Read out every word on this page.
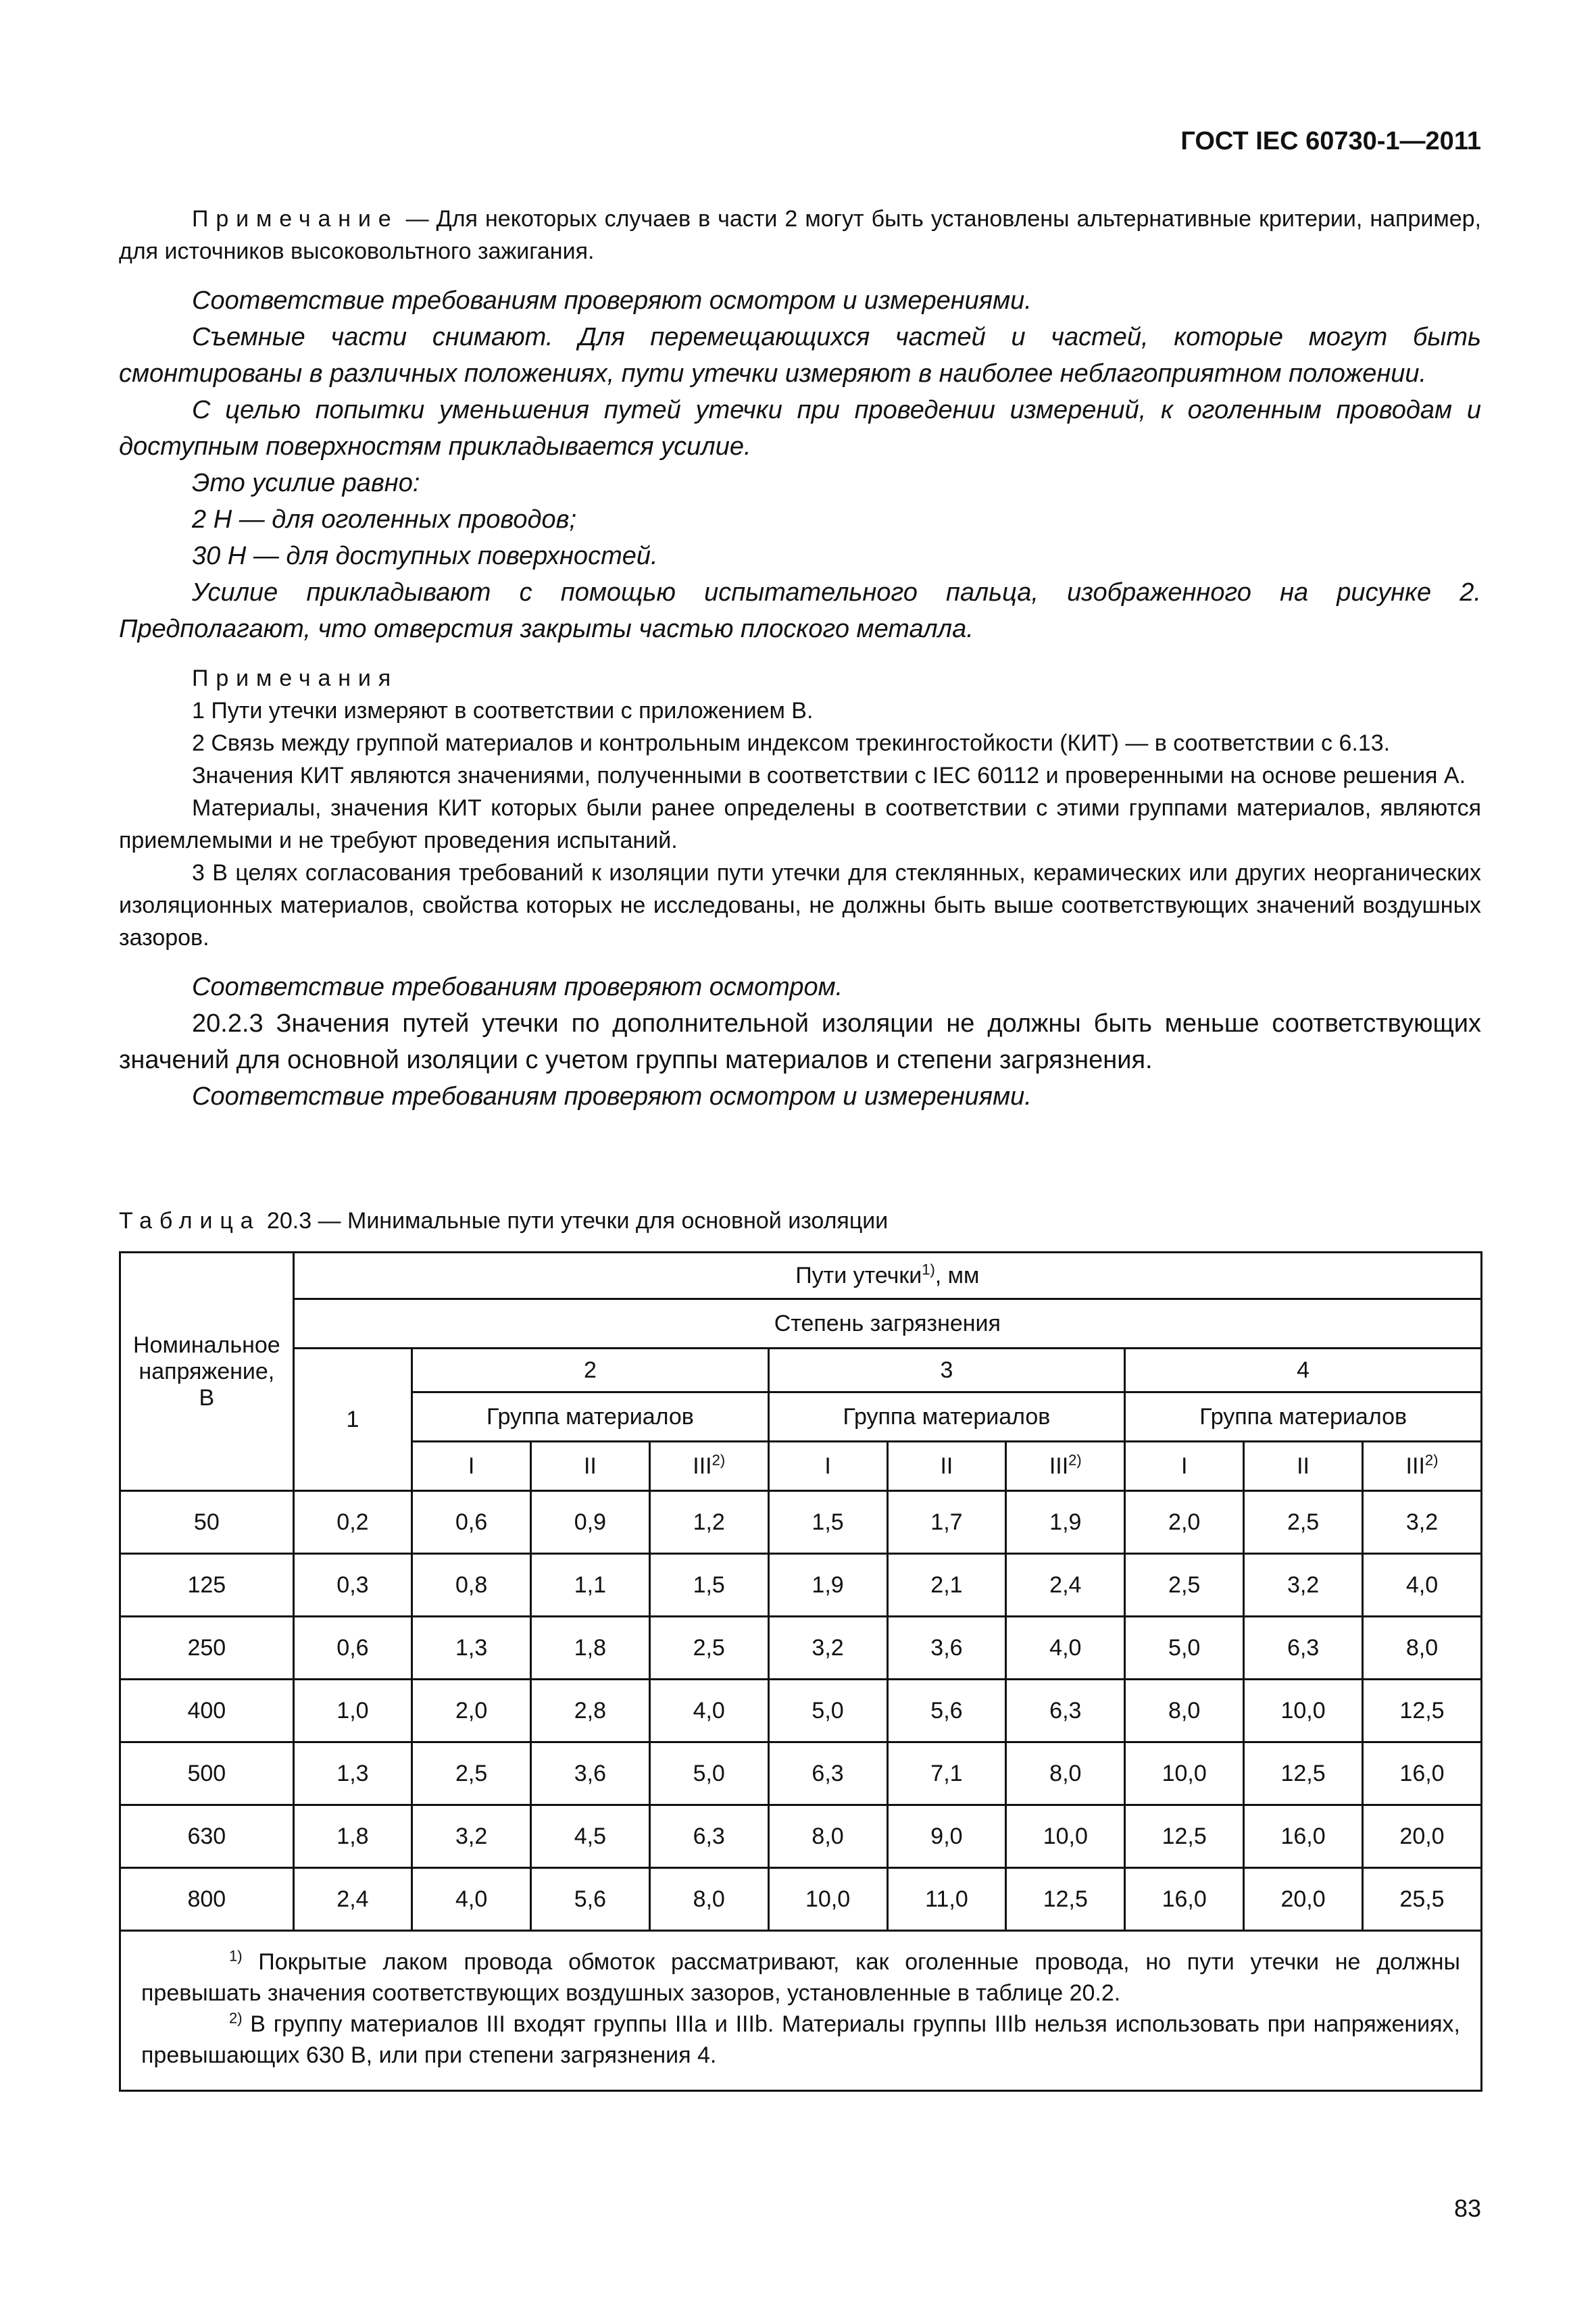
ГОСТ IEC 60730-1—2011

Примечание — Для некоторых случаев в части 2 могут быть установлены альтернативные критерии, например, для источников высоковольтного зажигания.

Соответствие требованиям проверяют осмотром и измерениями.

Съемные части снимают. Для перемещающихся частей и частей, которые могут быть смонтированы в различных положениях, пути утечки измеряют в наиболее неблагоприятном положении.

С целью попытки уменьшения путей утечки при проведении измерений, к оголенным проводам и доступным поверхностям прикладывается усилие.

Это усилие равно:

2 Н — для оголенных проводов;

30 Н — для доступных поверхностей.

Усилие прикладывают с помощью испытательного пальца, изображенного на рисунке 2. Предполагают, что отверстия закрыты частью плоского металла.

Примечания

1 Пути утечки измеряют в соответствии с приложением В.

2 Связь между группой материалов и контрольным индексом трекингостойкости (КИТ) — в соответствии с 6.13.

Значения КИТ являются значениями, полученными в соответствии с IEC 60112 и проверенными на основе решения А.

Материалы, значения КИТ которых были ранее определены в соответствии с этими группами материалов, являются приемлемыми и не требуют проведения испытаний.

3 В целях согласования требований к изоляции пути утечки для стеклянных, керамических или других неорганических изоляционных материалов, свойства которых не исследованы, не должны быть выше соответствующих значений воздушных зазоров.

Соответствие требованиям проверяют осмотром.

20.2.3 Значения путей утечки по дополнительной изоляции не должны быть меньше соответствующих значений для основной изоляции с учетом группы материалов и степени загрязнения.

Соответствие требованиям проверяют осмотром и измерениями.

Таблица 20.3 — Минимальные пути утечки для основной изоляции
Номинальное напряжение, В	Пути утечки$^{1)}$, мм									
	Степень загрязнения									
	1	2			3			4		
		Группа материалов			Группа материалов			Группа материалов		
		I	II	III$^{2)}$	I	II	III$^{2)}$	I	II	III$^{2)}$
50	0,2	0,6	0,9	1,2	1,5	1,7	1,9	2,0	2,5	3,2
125	0,3	0,8	1,1	1,5	1,9	2,1	2,4	2,5	3,2	4,0
250	0,6	1,3	1,8	2,5	3,2	3,6	4,0	5,0	6,3	8,0
400	1,0	2,0	2,8	4,0	5,0	5,6	6,3	8,0	10,0	12,5
500	1,3	2,5	3,6	5,0	6,3	7,1	8,0	10,0	12,5	16,0
630	1,8	3,2	4,5	6,3	8,0	9,0	10,0	12,5	16,0	20,0
800	2,4	4,0	5,6	8,0	10,0	11,0	12,5	16,0	20,0	25,5

$^{1)}$ Покрытые лаком провода обмоток рассматривают, как оголенные провода, но пути утечки не должны превышать значения соответствующих воздушных зазоров, установленные в таблице 20.2.

$^{2)}$ В группу материалов III входят группы IIIa и IIIb. Материалы группы IIIb нельзя использовать при напряжениях, превышающих 630 В, или при степени загрязнения 4.										

83
